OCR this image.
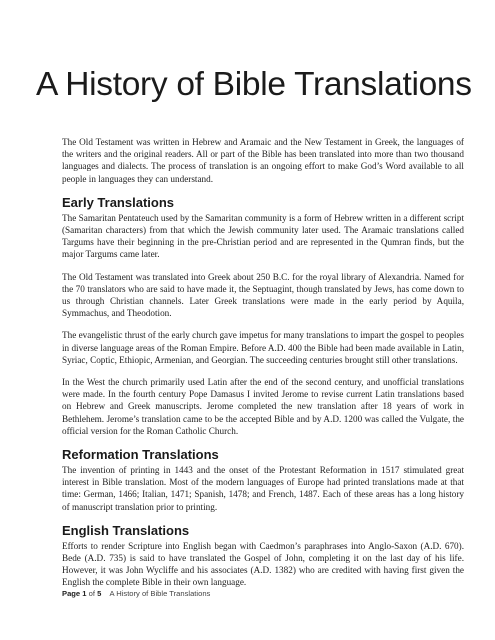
A History of Bible Translations

The Old Testament was written in Hebrew and Aramaic and the New Testament in Greek, the languages of the writers and the original readers. All or part of the Bible has been translated into more than two thousand languages and dialects. The process of translation is an ongoing effort to make God’s Word available to all people in languages they can understand.

Early Translations

The Samaritan Pentateuch used by the Samaritan community is a form of Hebrew written in a different script (Samaritan characters) from that which the Jewish community later used. The Aramaic translations called Targums have their beginning in the pre-Christian period and are represented in the Qumran finds, but the major Targums came later.

The Old Testament was translated into Greek about 250 B.C. for the royal library of Alexandria. Named for the 70 translators who are said to have made it, the Septuagint, though translated by Jews, has come down to us through Christian channels. Later Greek translations were made in the early period by Aquila, Symmachus, and Theodotion.

The evangelistic thrust of the early church gave impetus for many translations to impart the gospel to peoples in diverse language areas of the Roman Empire. Before A.D. 400 the Bible had been made available in Latin, Syriac, Coptic, Ethiopic, Armenian, and Georgian. The succeeding centuries brought still other translations.

In the West the church primarily used Latin after the end of the second century, and unofficial translations were made. In the fourth century Pope Damasus I invited Jerome to revise current Latin translations based on Hebrew and Greek manuscripts. Jerome completed the new translation after 18 years of work in Bethlehem. Jerome’s translation came to be the accepted Bible and by A.D. 1200 was called the Vulgate, the official version for the Roman Catholic Church.

Reformation Translations

The invention of printing in 1443 and the onset of the Protestant Reformation in 1517 stimulated great interest in Bible translation. Most of the modern languages of Europe had printed translations made at that time: German, 1466; Italian, 1471; Spanish, 1478; and French, 1487. Each of these areas has a long history of manuscript translation prior to printing.

English Translations

Efforts to render Scripture into English began with Caedmon’s paraphrases into Anglo-Saxon (A.D. 670). Bede (A.D. 735) is said to have translated the Gospel of John, completing it on the last day of his life. However, it was John Wycliffe and his associates (A.D. 1382) who are credited with having first given the English the complete Bible in their own language.

Page 1 of 5 A History of Bible Translations
